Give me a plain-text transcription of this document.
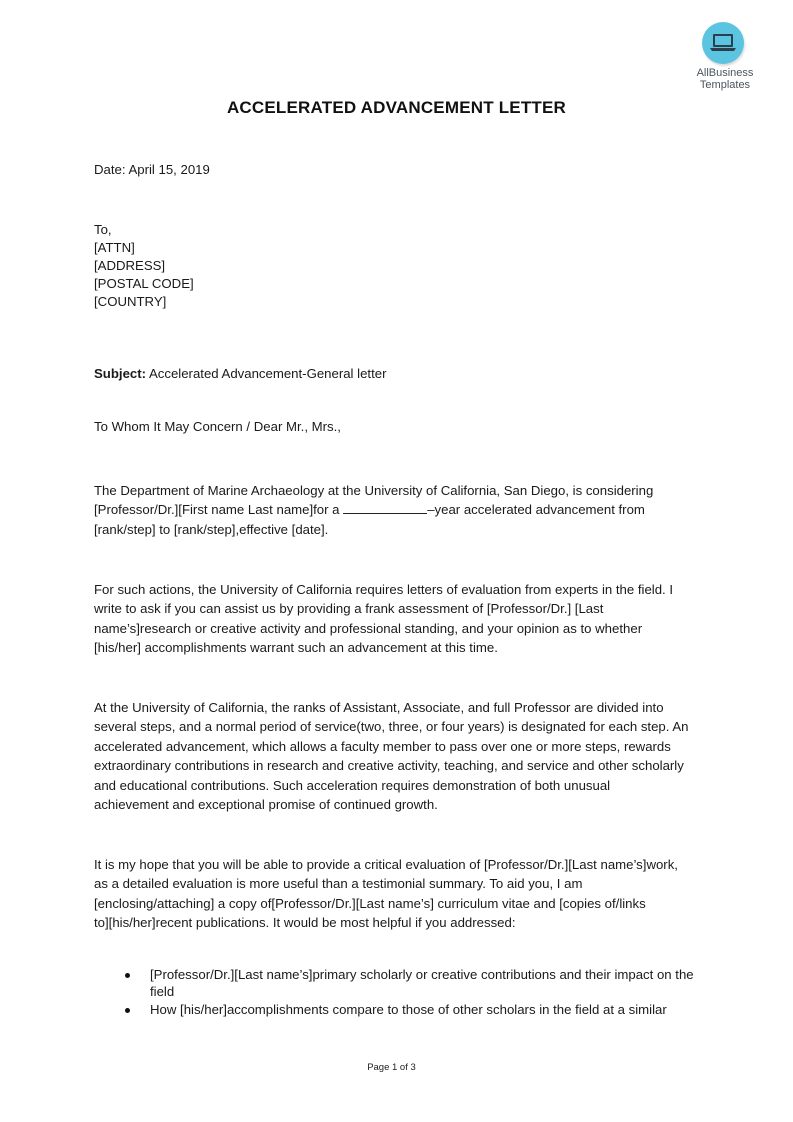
AllBusiness
Templates
ACCELERATED ADVANCEMENT LETTER
Date: April 15, 2019
To,
[ATTN]
[ADDRESS]
[POSTAL CODE]
[COUNTRY]
Subject: Accelerated Advancement-General letter
To Whom It May Concern / Dear Mr., Mrs.,
The Department of Marine Archaeology at the University of California, San Diego, is considering
[Professor/Dr.][First name Last name]for a	–year accelerated advancement from
[rank/step] to [rank/step],effective [date].
For such actions, the University of California requires letters of evaluation from experts in the field. I
write to ask if you can assist us by providing a frank assessment of [Professor/Dr.] [Last
name’s]research or creative activity and professional standing, and your opinion as to whether
[his/her] accomplishments warrant such an advancement at this time.
At the University of California, the ranks of Assistant, Associate, and full Professor are divided into
several steps, and a normal period of service(two, three, or four years) is designated for each step. An
accelerated advancement, which allows a faculty member to pass over one or more steps, rewards
extraordinary contributions in research and creative activity, teaching, and service and other scholarly
and educational contributions. Such acceleration requires demonstration of both unusual
achievement and exceptional promise of continued growth.
It is my hope that you will be able to provide a critical evaluation of [Professor/Dr.][Last name’s]work,
as a detailed evaluation is more useful than a testimonial summary. To aid you, I am
[enclosing/attaching] a copy of[Professor/Dr.][Last name’s] curriculum vitae and [copies of/links
to][his/her]recent publications. It would be most helpful if you addressed:
[Professor/Dr.][Last name’s]primary scholarly or creative contributions and their impact on the field
How [his/her]accomplishments compare to those of other scholars in the field at a similar
Page 1 of 3
